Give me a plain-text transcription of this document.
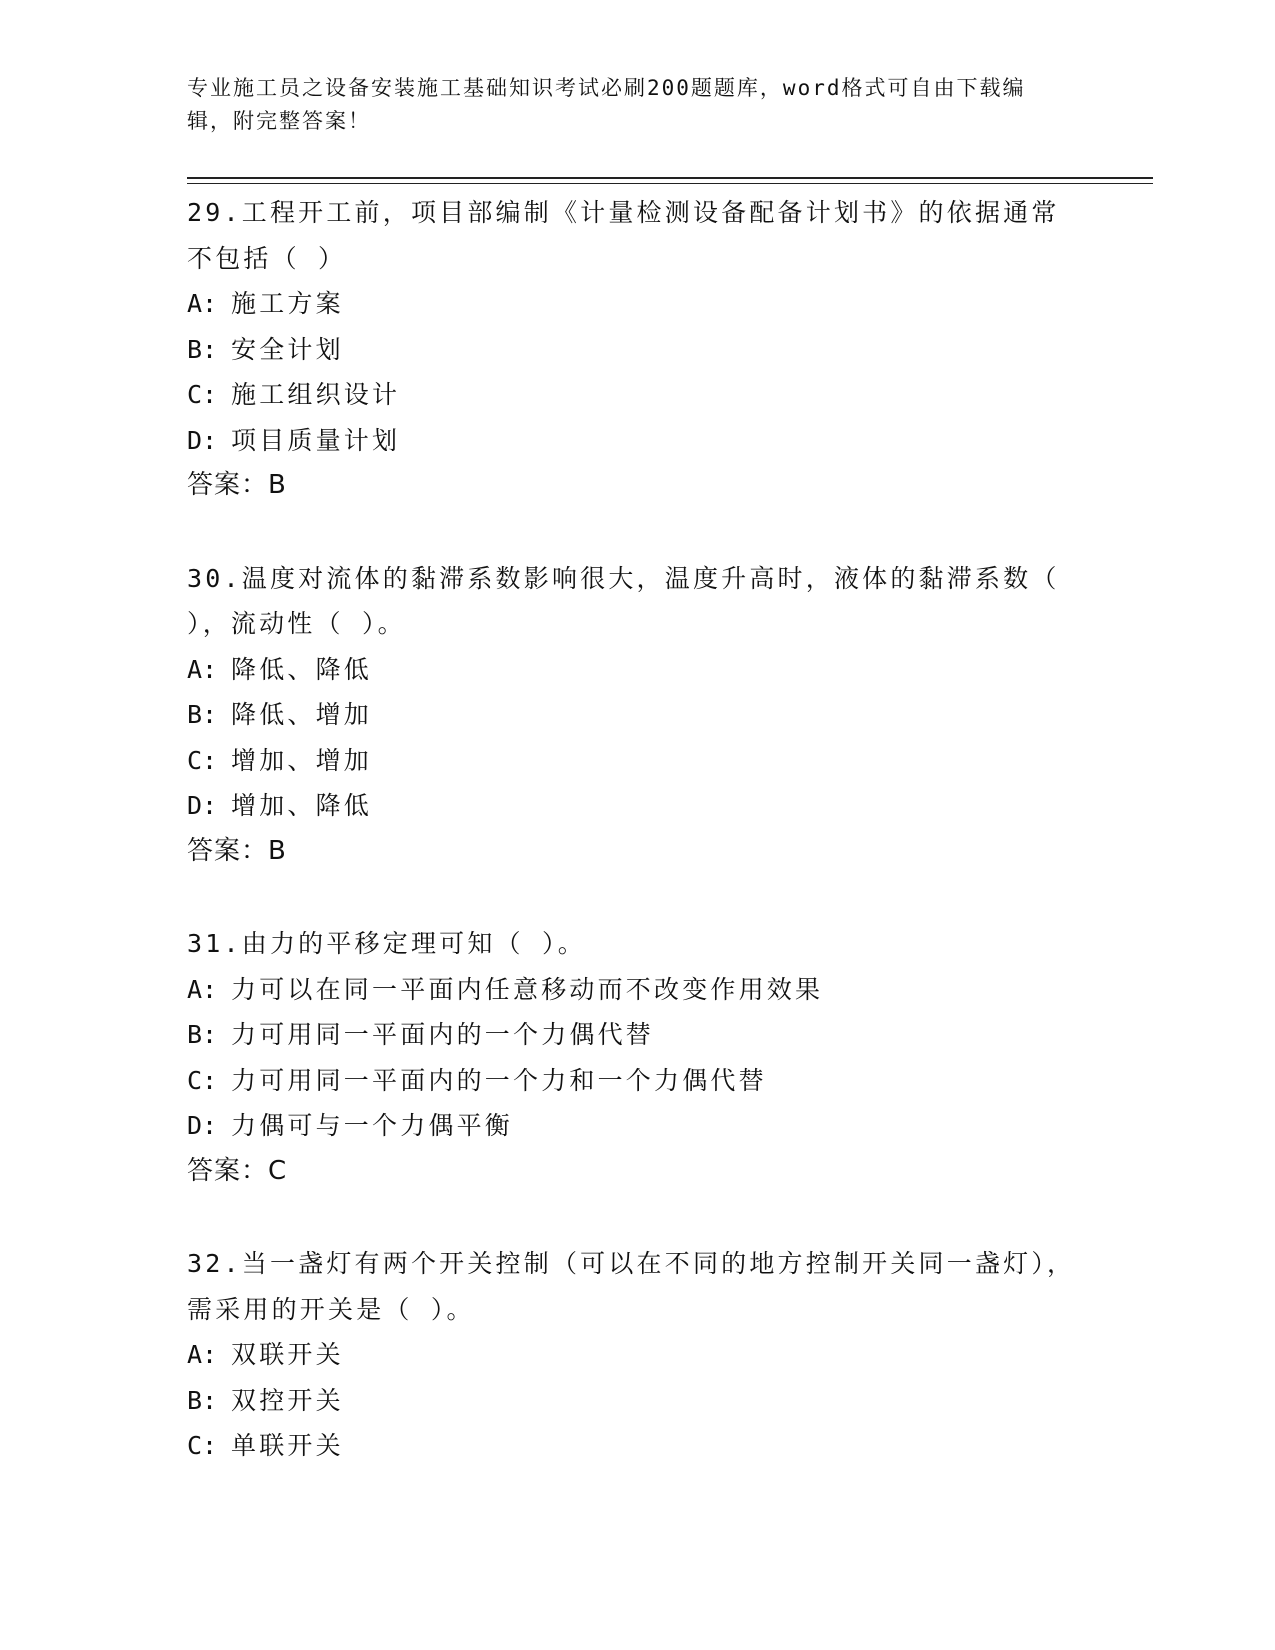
专业施工员之设备安装施工基础知识考试必刷200题题库，word格式可自由下载编辑，附完整答案！

29.工程开工前，项目部编制《计量检测设备配备计划书》的依据通常不包括（ ）

A: 施工方案
B: 安全计划
C: 施工组织设计
D: 项目质量计划
答案：B

30.温度对流体的黏滞系数影响很大，温度升高时，液体的黏滞系数（ ），流动性（ ）。

A: 降低、降低
B: 降低、增加
C: 增加、增加
D: 增加、降低
答案：B

31.由力的平移定理可知（ ）。

A: 力可以在同一平面内任意移动而不改变作用效果
B: 力可用同一平面内的一个力偶代替
C: 力可用同一平面内的一个力和一个力偶代替
D: 力偶可与一个力偶平衡
答案：C

32.当一盏灯有两个开关控制（可以在不同的地方控制开关同一盏灯），需采用的开关是（ ）。

A: 双联开关
B: 双控开关
C: 单联开关
